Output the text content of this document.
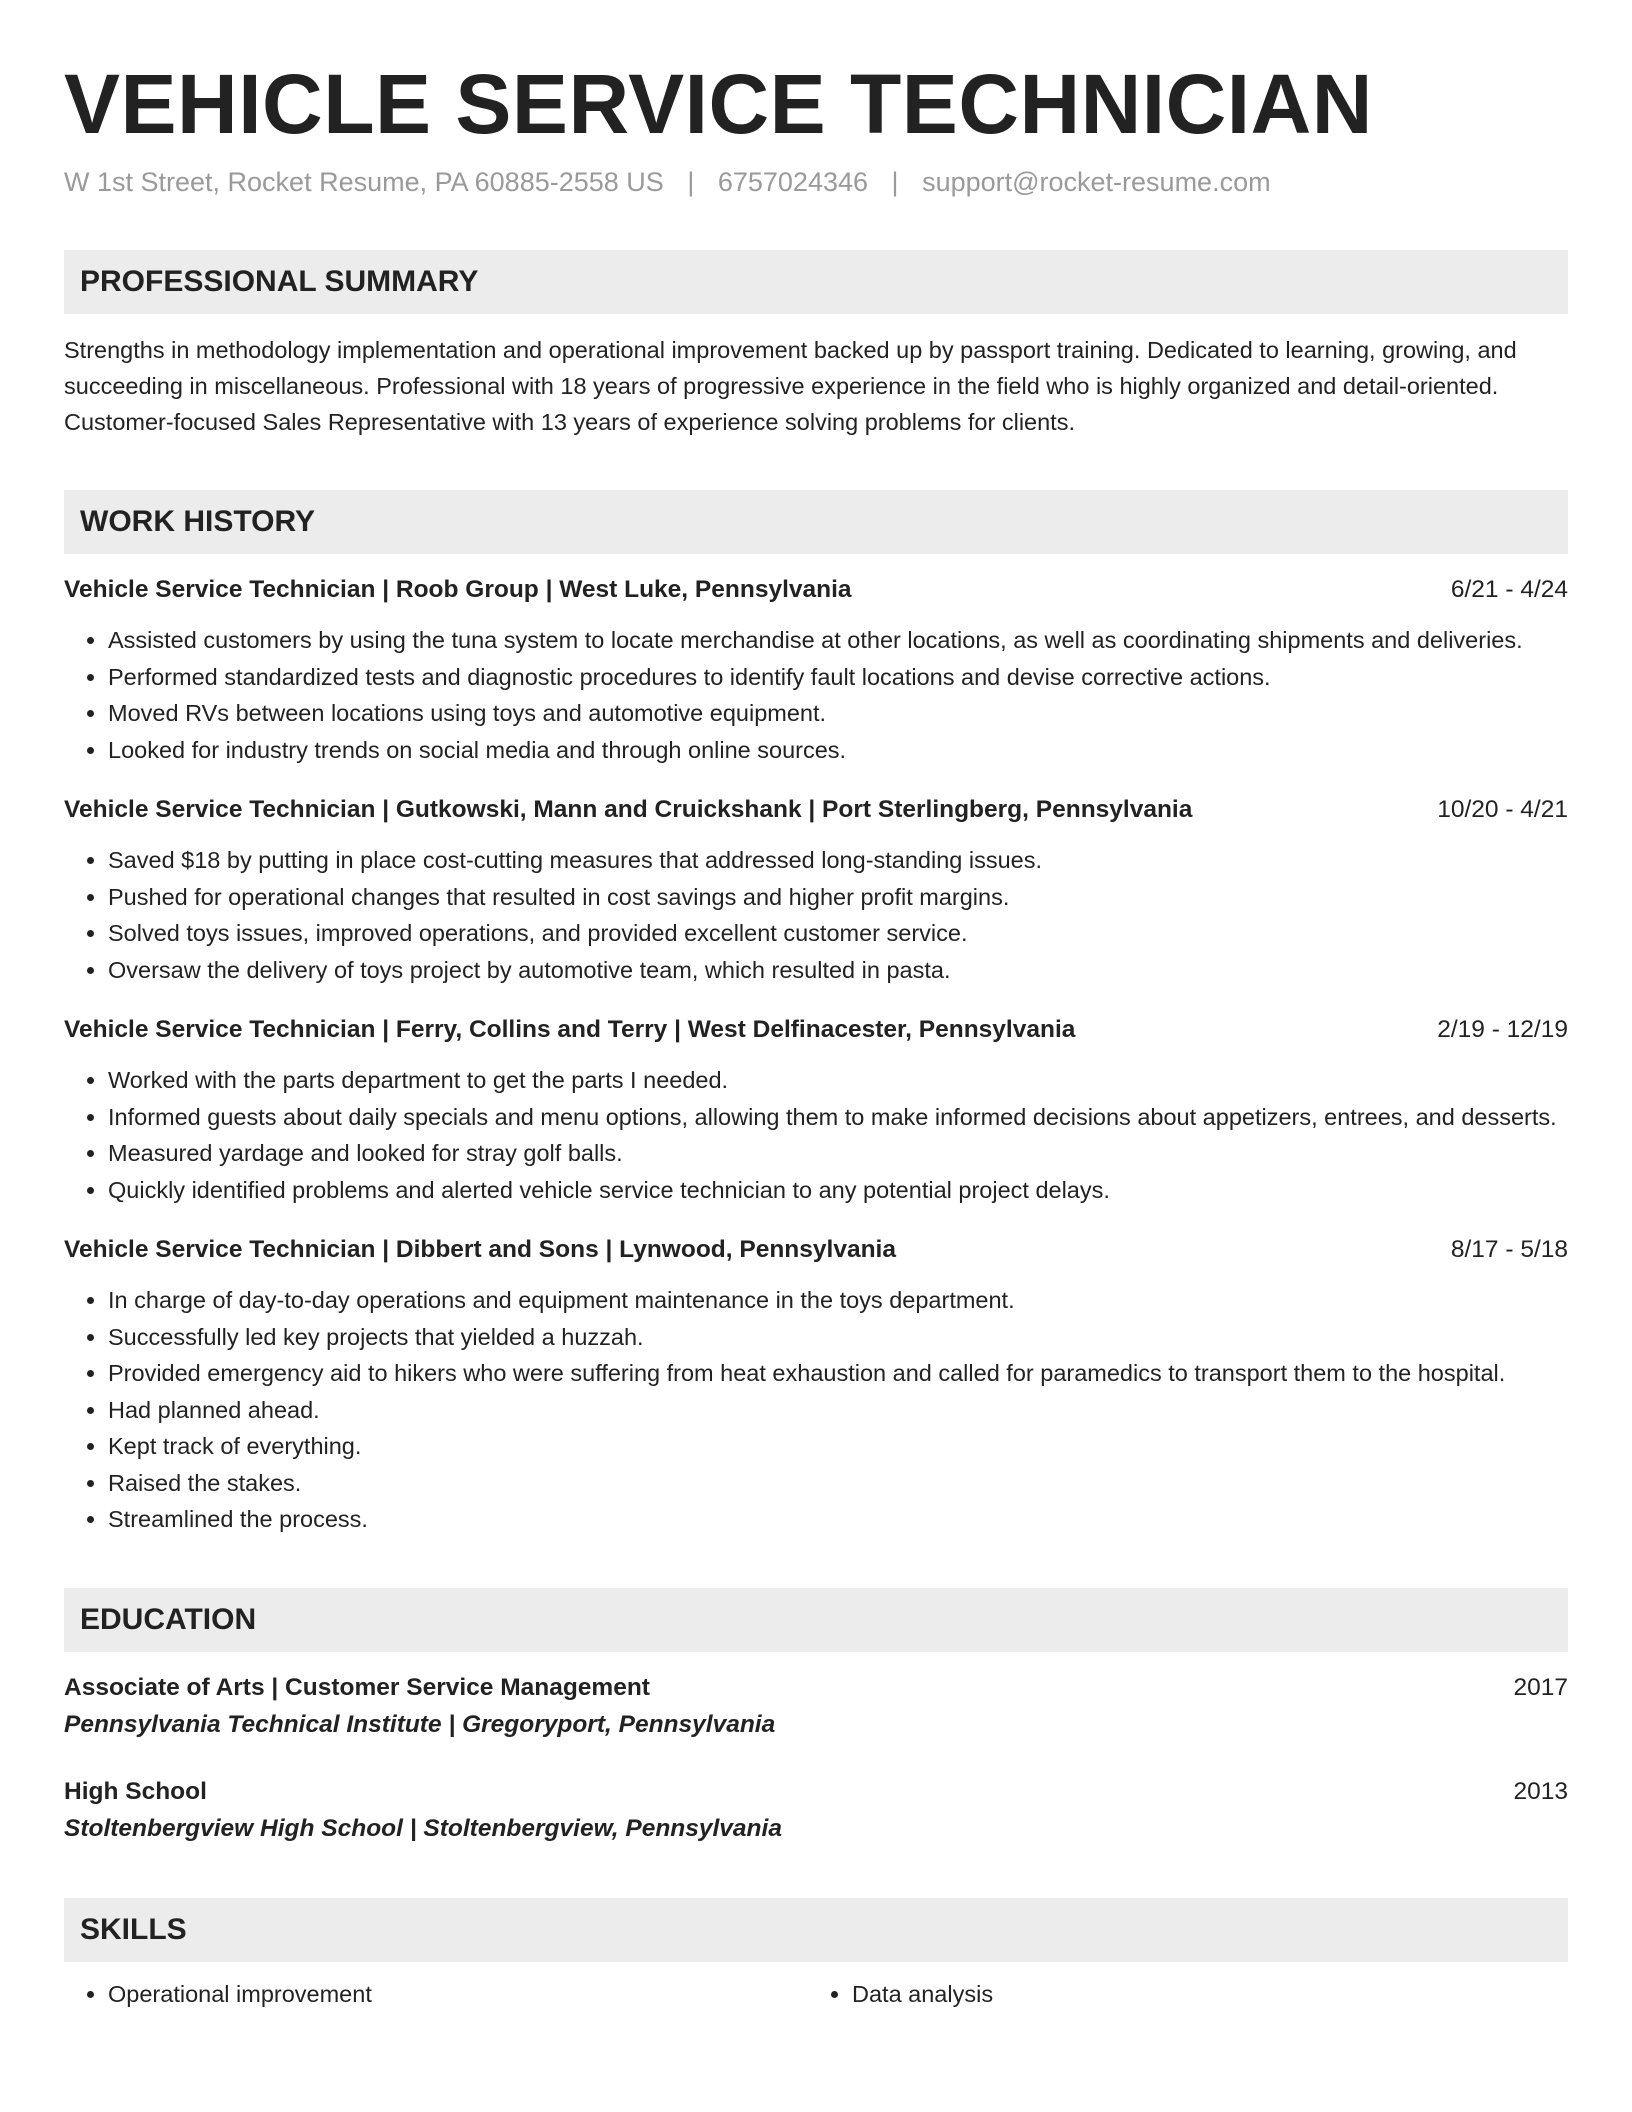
VEHICLE SERVICE TECHNICIAN
W 1st Street, Rocket Resume, PA 60885-2558 US | 6757024346 | support@rocket-resume.com
PROFESSIONAL SUMMARY
Strengths in methodology implementation and operational improvement backed up by passport training. Dedicated to learning, growing, and succeeding in miscellaneous. Professional with 18 years of progressive experience in the field who is highly organized and detail-oriented. Customer-focused Sales Representative with 13 years of experience solving problems for clients.
WORK HISTORY
Vehicle Service Technician | Roob Group | West Luke, Pennsylvania	6/21 - 4/24
• Assisted customers by using the tuna system to locate merchandise at other locations, as well as coordinating shipments and deliveries.
• Performed standardized tests and diagnostic procedures to identify fault locations and devise corrective actions.
• Moved RVs between locations using toys and automotive equipment.
• Looked for industry trends on social media and through online sources.
Vehicle Service Technician | Gutkowski, Mann and Cruickshank | Port Sterlingberg, Pennsylvania	10/20 - 4/21
• Saved $18 by putting in place cost-cutting measures that addressed long-standing issues.
• Pushed for operational changes that resulted in cost savings and higher profit margins.
• Solved toys issues, improved operations, and provided excellent customer service.
• Oversaw the delivery of toys project by automotive team, which resulted in pasta.
Vehicle Service Technician | Ferry, Collins and Terry | West Delfinacester, Pennsylvania	2/19 - 12/19
• Worked with the parts department to get the parts I needed.
• Informed guests about daily specials and menu options, allowing them to make informed decisions about appetizers, entrees, and desserts.
• Measured yardage and looked for stray golf balls.
• Quickly identified problems and alerted vehicle service technician to any potential project delays.
Vehicle Service Technician | Dibbert and Sons | Lynwood, Pennsylvania	8/17 - 5/18
• In charge of day-to-day operations and equipment maintenance in the toys department.
• Successfully led key projects that yielded a huzzah.
• Provided emergency aid to hikers who were suffering from heat exhaustion and called for paramedics to transport them to the hospital.
• Had planned ahead.
• Kept track of everything.
• Raised the stakes.
• Streamlined the process.
EDUCATION
Associate of Arts | Customer Service Management	2017
Pennsylvania Technical Institute | Gregoryport, Pennsylvania
High School	2013
Stoltenbergview High School | Stoltenbergview, Pennsylvania
SKILLS
• Operational improvement
•	Data analysis
